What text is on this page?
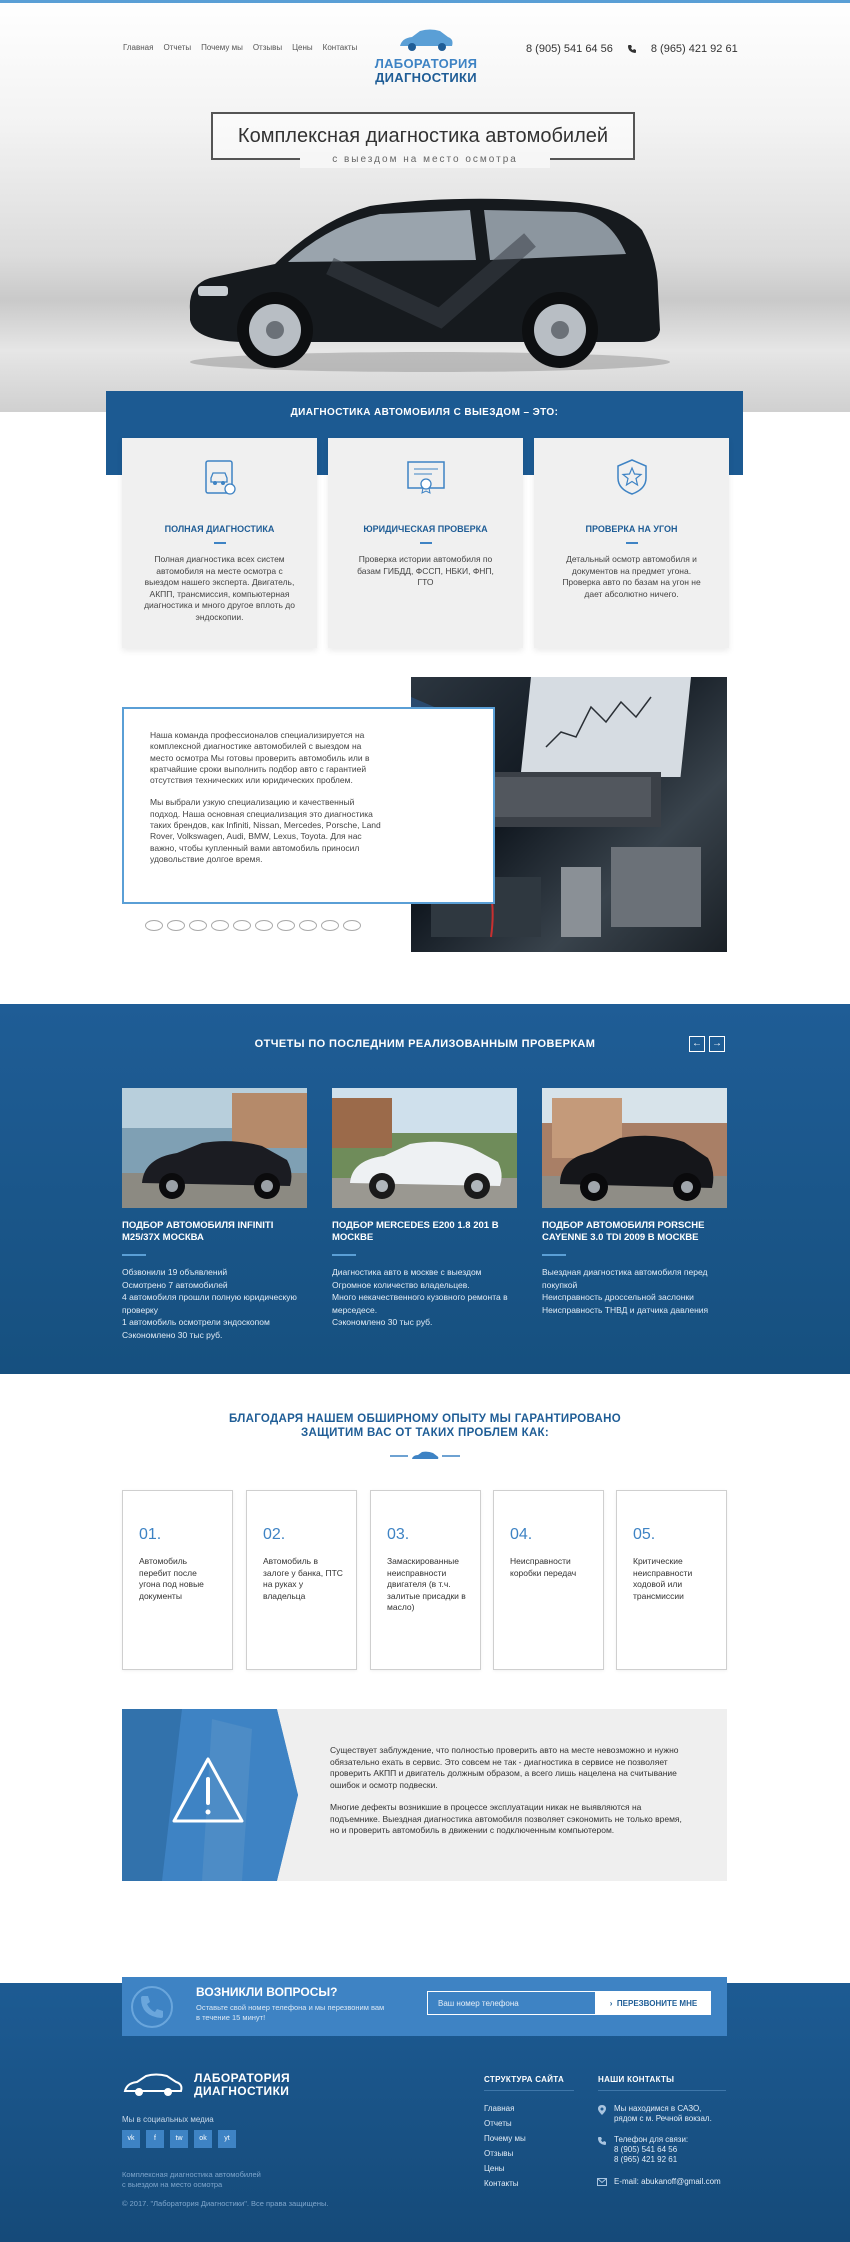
Главная Отчеты Почему мы Отзывы Цены Контакты
ЛАБОРАТОРИЯ
ДИАГНОСТИКИ
8 (905) 541 64 56	8 (965) 421 92 61
Комплексная диагностика автомобилей
с выездом на место осмотра
ДИАГНОСТИКА АВТОМОБИЛЯ С ВЫЕЗДОМ – ЭТО:
ПОЛНАЯ ДИАГНОСТИКА
Полная диагностика всех систем автомобиля на месте осмотра с выездом нашего эксперта. Двигатель, АКПП, трансмиссия, компьютерная диагностика и много другое вплоть до эндоскопии.
ЮРИДИЧЕСКАЯ ПРОВЕРКА
Проверка истории автомобиля по базам ГИБДД, ФССП, НБКИ, ФНП, ГТО
ПРОВЕРКА НА УГОН
Детальный осмотр автомобиля и документов на предмет угона. Проверка авто по базам на угон не дает абсолютно ничего.

Наша команда профессионалов специализируется на комплексной диагностике автомобилей с выездом на место осмотра Мы готовы проверить автомобиль или в кратчайшие сроки выполнить подбор авто с гарантией отсутствия технических или юридических проблем.

Мы выбрали узкую специализацию и качественный подход. Наша основная специализация это диагностика таких брендов, как Infiniti, Nissan, Mercedes, Porsche, Land Rover, Volkswagen, Audi, BMW, Lexus, Toyota. Для нас важно, чтобы купленный вами автомобиль приносил удовольствие долгое время.

ОТЧЕТЫ ПО ПОСЛЕДНИМ РЕАЛИЗОВАННЫМ ПРОВЕРКАМ	←	→
ПОДБОР АВТОМОБИЛЯ INFINITI M25/37X МОСКВА
Обзвонили 19 объявлений
Осмотрено 7 автомобилей
4 автомобиля прошли полную юридическую проверку
1 автомобиль осмотрели эндоскопом
Сэкономлено 30 тыс руб.
ПОДБОР MERCEDES E200 1.8 201 В МОСКВЕ
Диагностика авто в москве с выездом
Огромное количество владельцев.
Много некачественного кузовного ремонта в мерседесе.
Сэкономлено 30 тыс руб.
ПОДБОР АВТОМОБИЛЯ PORSCHE CAYENNE 3.0 TDI 2009 В МОСКВЕ
Выездная диагностика автомобиля перед покупкой
Неисправность дроссельной заслонки
Неисправность ТНВД и датчика давления
БЛАГОДАРЯ НАШЕМ ОБШИРНОМУ ОПЫТУ МЫ ГАРАНТИРОВАНО
ЗАЩИТИМ ВАС ОТ ТАКИХ ПРОБЛЕМ КАК:
01.
Автомобиль перебит после угона под новые документы
02.
Автомобиль в залоге у банка, ПТС на руках у владельца
03.
Замаскированные неисправности двигателя (в т.ч. залитые присадки в масло)
04.
Неисправности коробки передач
05.
Критические неисправности ходовой или трансмиссии

Существует заблуждение, что полностью проверить авто на месте невозможно и нужно обязательно ехать в сервис. Это совсем не так - диагностика в сервисе не позволяет проверить АКПП и двигатель должным образом, а всего лишь нацелена на считывание ошибок и осмотр подвески.

Многие дефекты возникшие в процессе эксплуатации никак не выявляются на подъемнике. Выездная диагностика автомобиля позволяет сэкономить не только время, но и проверить автомобиль в движении с подключенным компьютером.

ВОЗНИКЛИ ВОПРОСЫ?
Оставьте свой номер телефона и мы перезвоним вам в течение 15 минут!
Ваш номер телефона
›  ПЕРЕЗВОНИТЕ МНЕ
ЛАБОРАТОРИЯ
ДИАГНОСТИКИ
Мы в социальных медиа
vk	f	tw	ok	yt
Комплексная диагностика автомобилей
с выездом на место осмотра
© 2017. "Лаборатория Диагностики". Все права защищены.
СТРУКТУРА САЙТА
Главная
Отчеты
Почему мы
Отзывы
Цены
Контакты
НАШИ КОНТАКТЫ
Мы находимся в САЗО,
рядом с м. Речной вокзал.
Телефон для связи:
8 (905) 541 64 56
8 (965) 421 92 61
E-mail: abukanoff@gmail.com
